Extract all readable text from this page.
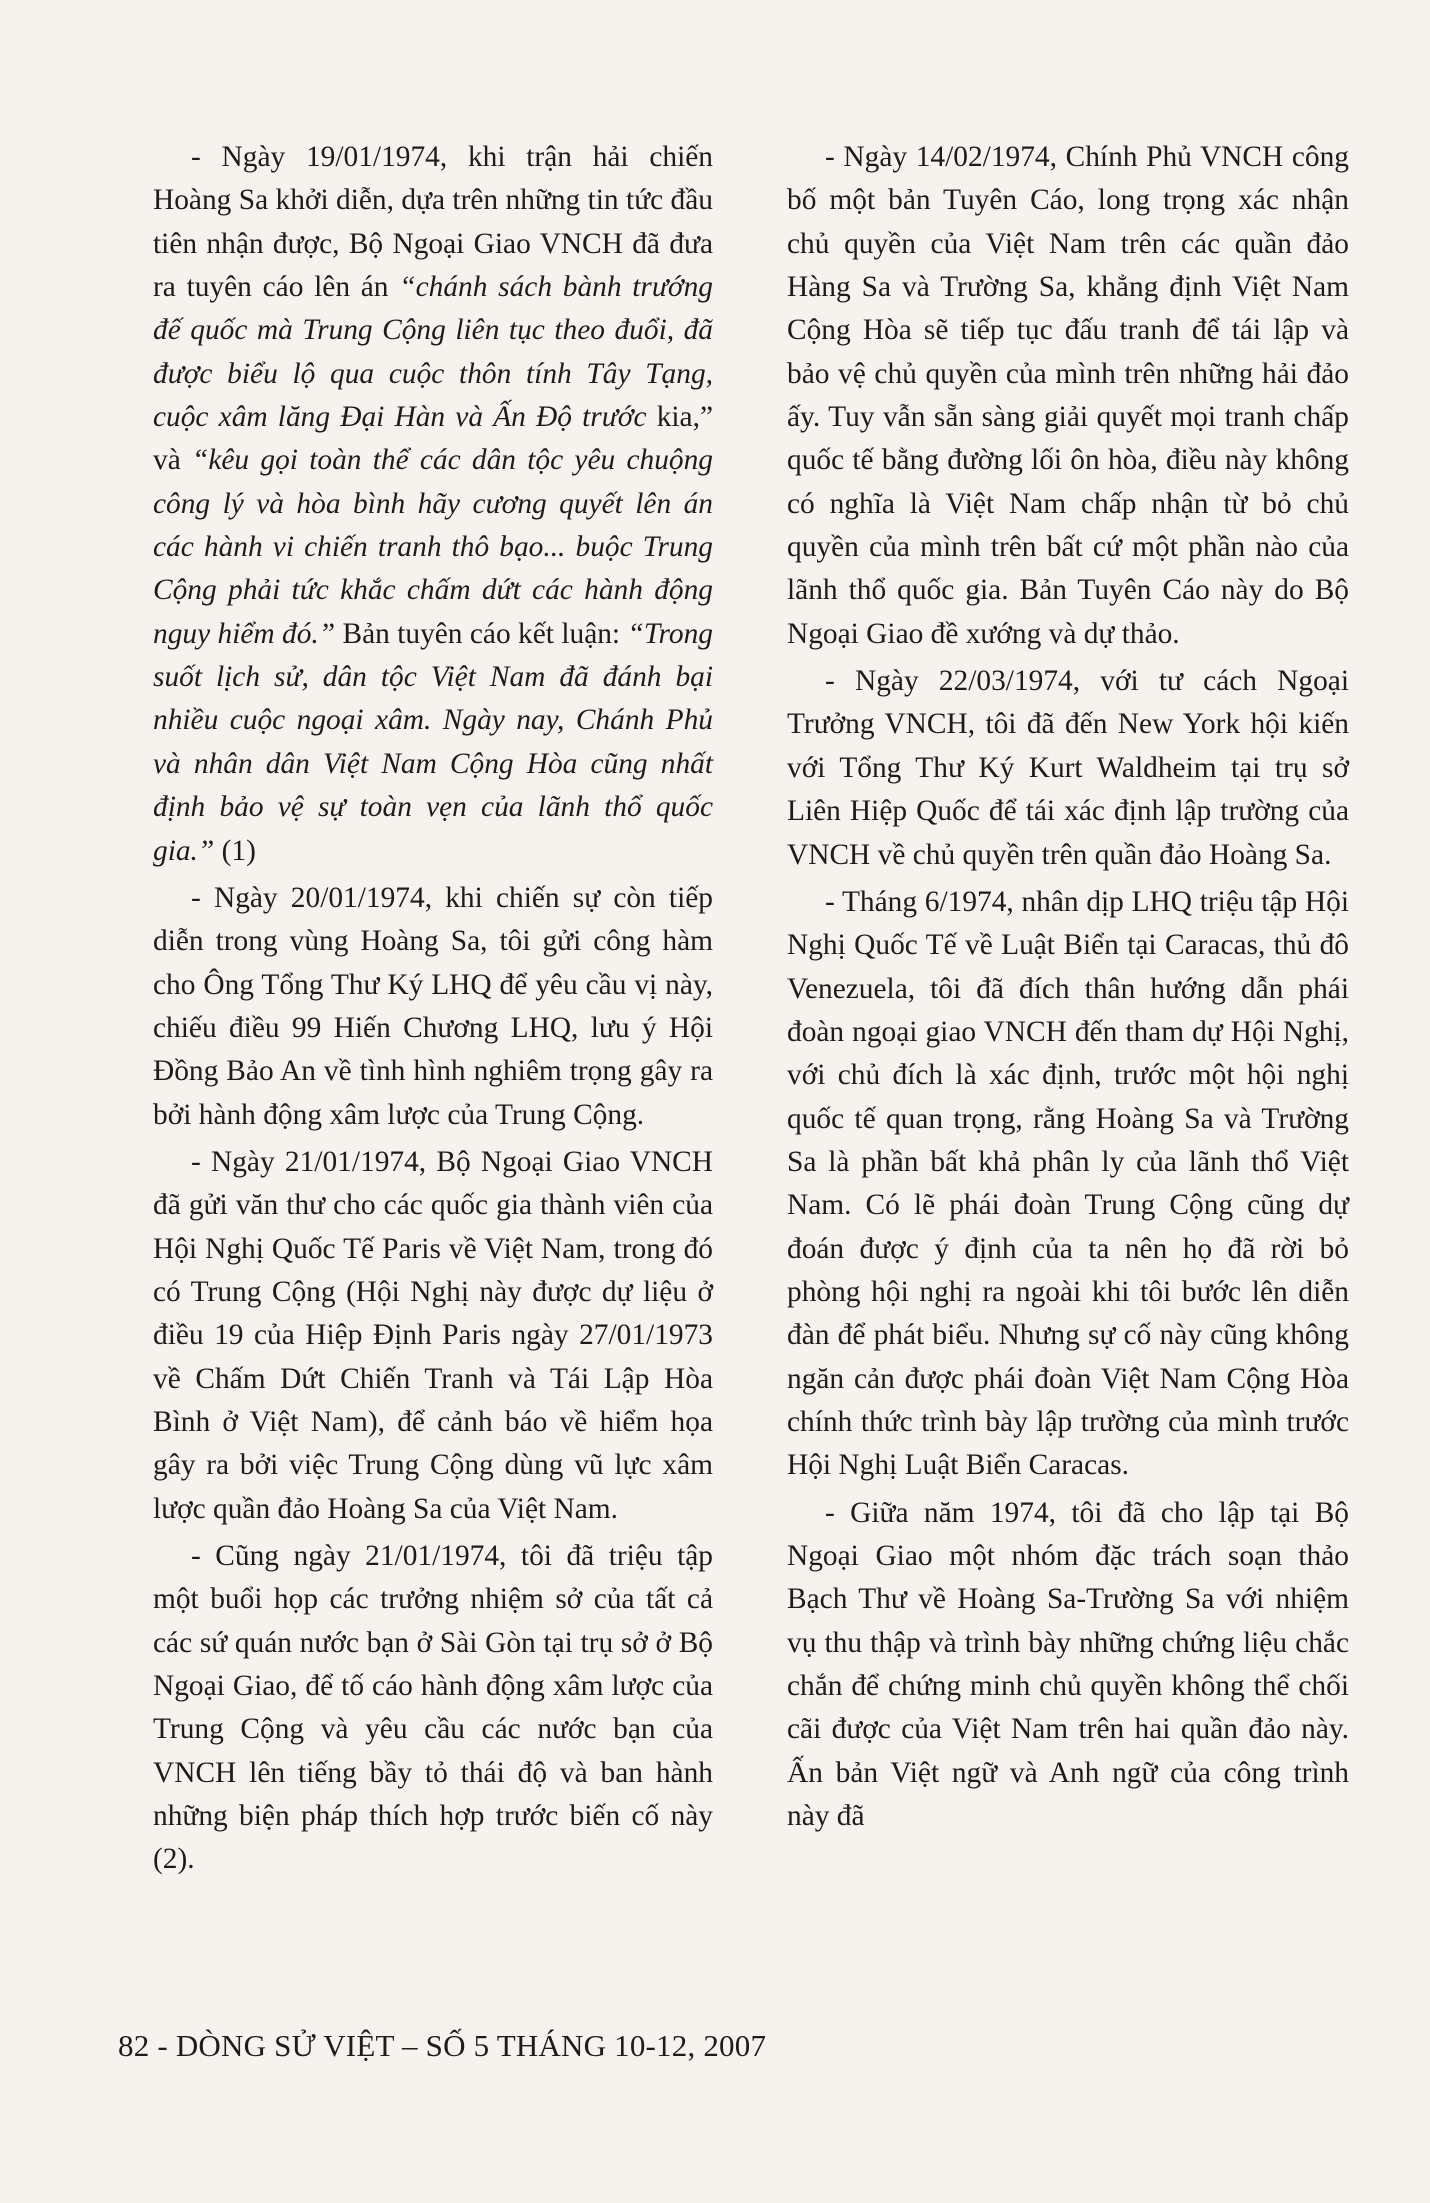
- Ngày 19/01/1974, khi trận hải chiến Hoàng Sa khởi diễn, dựa trên những tin tức đầu tiên nhận được, Bộ Ngoại Giao VNCH đã đưa ra tuyên cáo lên án “chánh sách bành trướng đế quốc mà Trung Cộng liên tục theo đuổi, đã được biểu lộ qua cuộc thôn tính Tây Tạng, cuộc xâm lăng Đại Hàn và Ấn Độ trước kia,” và “kêu gọi toàn thể các dân tộc yêu chuộng công lý và hòa bình hãy cương quyết lên án các hành vi chiến tranh thô bạo... buộc Trung Cộng phải tức khắc chấm dứt các hành động nguy hiểm đó.” Bản tuyên cáo kết luận: “Trong suốt lịch sử, dân tộc Việt Nam đã đánh bại nhiều cuộc ngoại xâm. Ngày nay, Chánh Phủ và nhân dân Việt Nam Cộng Hòa cũng nhất định bảo vệ sự toàn vẹn của lãnh thổ quốc gia.” (1)

- Ngày 20/01/1974, khi chiến sự còn tiếp diễn trong vùng Hoàng Sa, tôi gửi công hàm cho Ông Tổng Thư Ký LHQ để yêu cầu vị này, chiếu điều 99 Hiến Chương LHQ, lưu ý Hội Đồng Bảo An về tình hình nghiêm trọng gây ra bởi hành động xâm lược của Trung Cộng.

- Ngày 21/01/1974, Bộ Ngoại Giao VNCH đã gửi văn thư cho các quốc gia thành viên của Hội Nghị Quốc Tế Paris về Việt Nam, trong đó có Trung Cộng (Hội Nghị này được dự liệu ở điều 19 của Hiệp Định Paris ngày 27/01/1973 về Chấm Dứt Chiến Tranh và Tái Lập Hòa Bình ở Việt Nam), để cảnh báo về hiểm họa gây ra bởi việc Trung Cộng dùng vũ lực xâm lược quần đảo Hoàng Sa của Việt Nam.

- Cũng ngày 21/01/1974, tôi đã triệu tập một buổi họp các trưởng nhiệm sở của tất cả các sứ quán nước bạn ở Sài Gòn tại trụ sở ở Bộ Ngoại Giao, để tố cáo hành động xâm lược của Trung Cộng và yêu cầu các nước bạn của VNCH lên tiếng bầy tỏ thái độ và ban hành những biện pháp thích hợp trước biến cố này (2).

- Ngày 14/02/1974, Chính Phủ VNCH công bố một bản Tuyên Cáo, long trọng xác nhận chủ quyền của Việt Nam trên các quần đảo Hàng Sa và Trường Sa, khẳng định Việt Nam Cộng Hòa sẽ tiếp tục đấu tranh để tái lập và bảo vệ chủ quyền của mình trên những hải đảo ấy. Tuy vẫn sẵn sàng giải quyết mọi tranh chấp quốc tế bằng đường lối ôn hòa, điều này không có nghĩa là Việt Nam chấp nhận từ bỏ chủ quyền của mình trên bất cứ một phần nào của lãnh thổ quốc gia. Bản Tuyên Cáo này do Bộ Ngoại Giao đề xướng và dự thảo.

- Ngày 22/03/1974, với tư cách Ngoại Trưởng VNCH, tôi đã đến New York hội kiến với Tổng Thư Ký Kurt Waldheim tại trụ sở Liên Hiệp Quốc để tái xác định lập trường của VNCH về chủ quyền trên quần đảo Hoàng Sa.

- Tháng 6/1974, nhân dịp LHQ triệu tập Hội Nghị Quốc Tế về Luật Biển tại Caracas, thủ đô Venezuela, tôi đã đích thân hướng dẫn phái đoàn ngoại giao VNCH đến tham dự Hội Nghị, với chủ đích là xác định, trước một hội nghị quốc tế quan trọng, rằng Hoàng Sa và Trường Sa là phần bất khả phân ly của lãnh thổ Việt Nam. Có lẽ phái đoàn Trung Cộng cũng dự đoán được ý định của ta nên họ đã rời bỏ phòng hội nghị ra ngoài khi tôi bước lên diễn đàn để phát biểu. Nhưng sự cố này cũng không ngăn cản được phái đoàn Việt Nam Cộng Hòa chính thức trình bày lập trường của mình trước Hội Nghị Luật Biển Caracas.

- Giữa năm 1974, tôi đã cho lập tại Bộ Ngoại Giao một nhóm đặc trách soạn thảo Bạch Thư về Hoàng Sa-Trường Sa với nhiệm vụ thu thập và trình bày những chứng liệu chắc chắn để chứng minh chủ quyền không thể chối cãi được của Việt Nam trên hai quần đảo này. Ấn bản Việt ngữ và Anh ngữ của công trình này đã

82 - DÒNG SỬ VIỆT – SỐ 5 THÁNG 10-12, 2007
